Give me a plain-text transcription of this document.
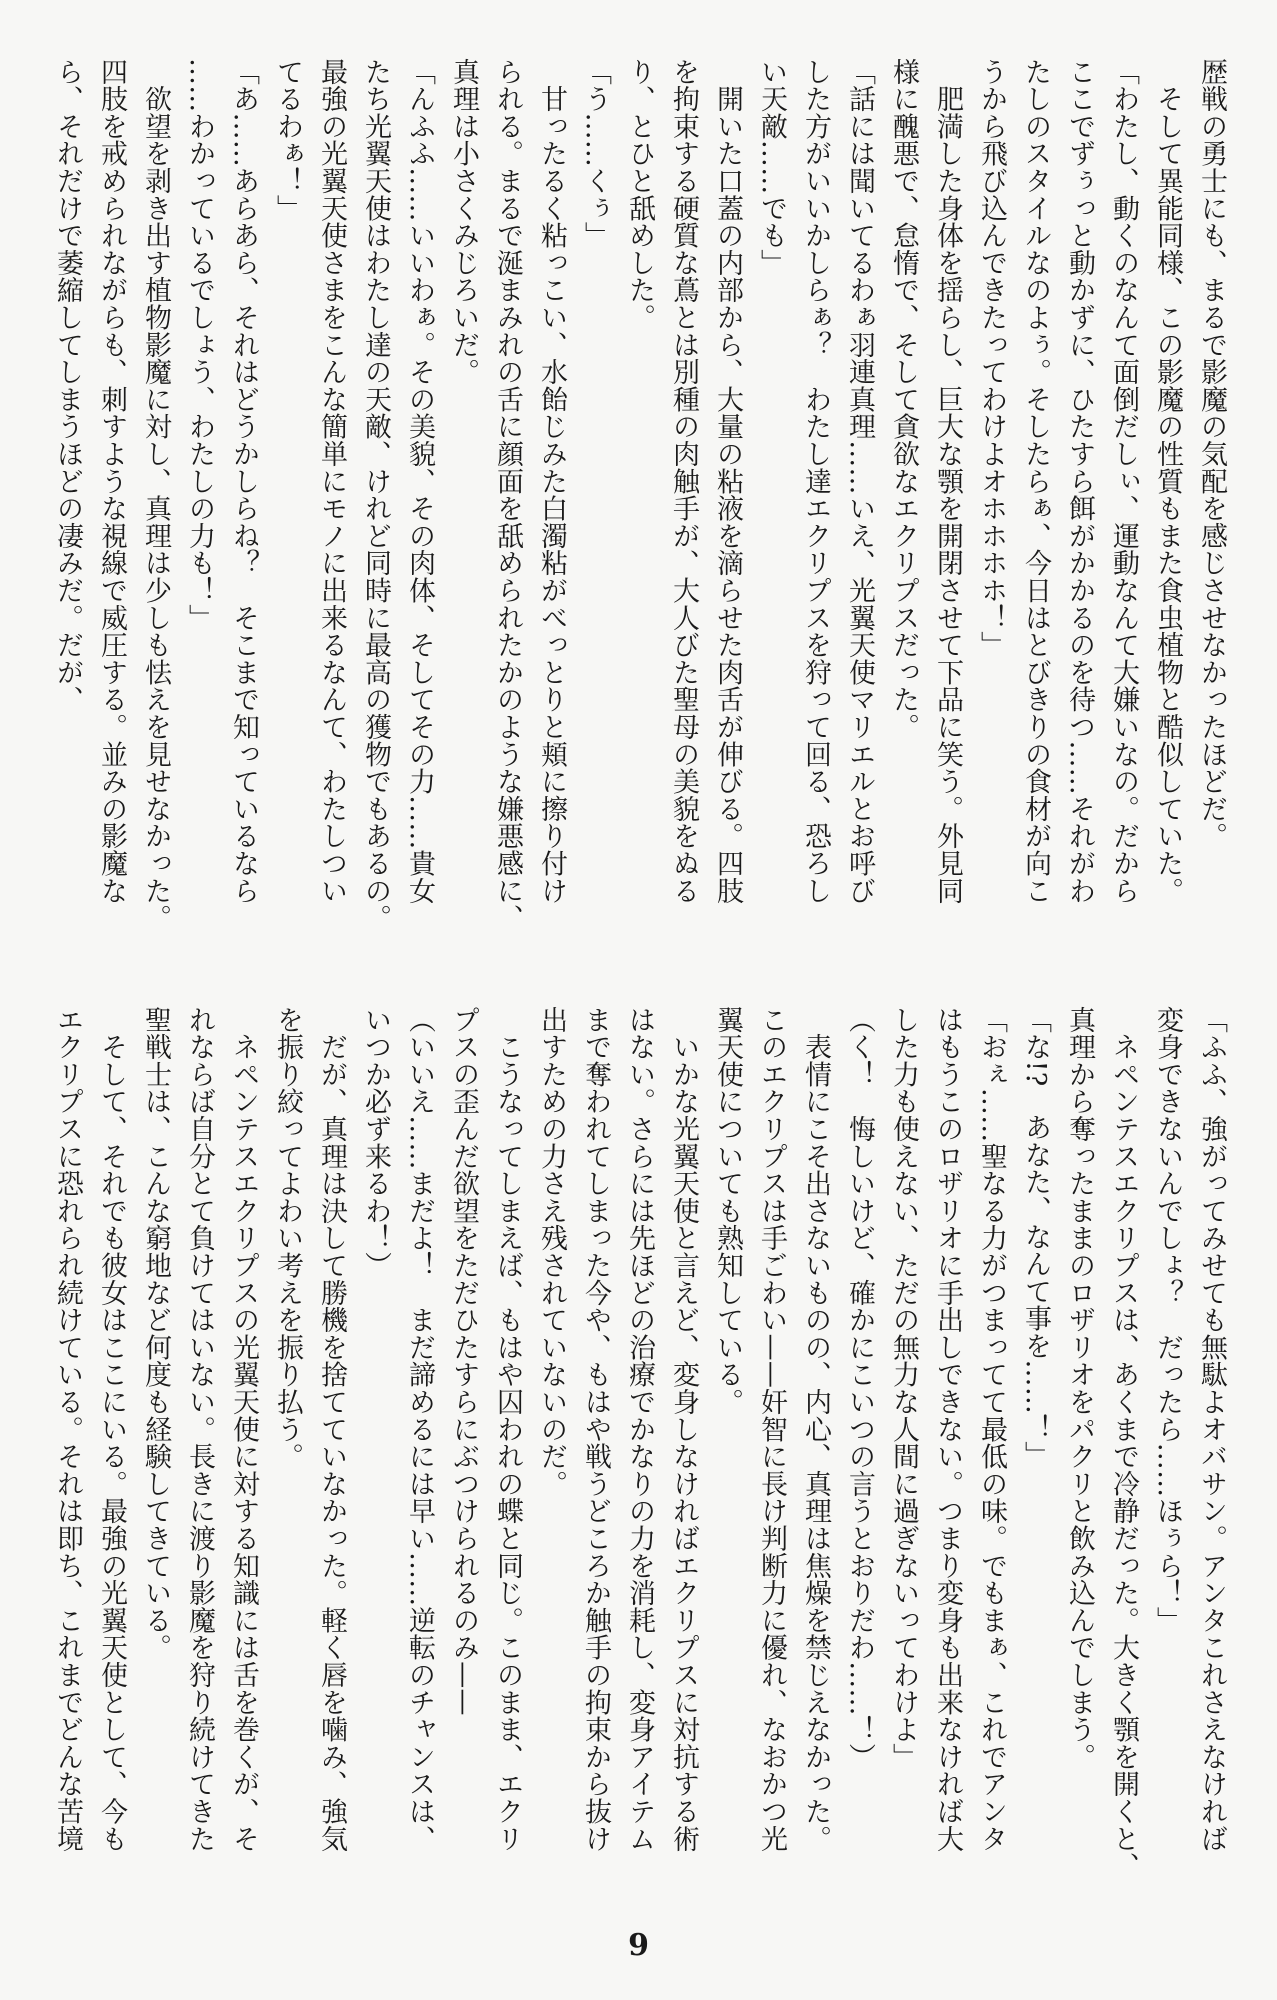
歴戦の勇士にも、まるで影魔の気配を感じさせなかったほどだ。
　そして異能同様、この影魔の性質もまた食虫植物と酷似していた。
「わたし、動くのなんて面倒だしぃ、運動なんて大嫌いなの。だから
ここでずぅっと動かずに、ひたすら餌がかかるのを待つ……それがわ
たしのスタイルなのよぅ。そしたらぁ、今日はとびきりの食材が向こ
うから飛び込んできたってわけよオホホホホ！」
　肥満した身体を揺らし、巨大な顎を開閉させて下品に笑う。外見同
様に醜悪で、怠惰で、そして貪欲なエクリプスだった。
「話には聞いてるわぁ羽連真理……いえ、光翼天使マリエルとお呼び
した方がいいかしらぁ？　わたし達エクリプスを狩って回る、恐ろし
い天敵……でも」
　開いた口蓋の内部から、大量の粘液を滴らせた肉舌が伸びる。四肢
を拘束する硬質な蔦とは別種の肉触手が、大人びた聖母の美貌をぬる
り、とひと舐めした。
「う……くぅ」
　甘ったるく粘っこい、水飴じみた白濁粘がべっとりと頬に擦り付け
られる。まるで涎まみれの舌に顔面を舐められたかのような嫌悪感に、
真理は小さくみじろいだ。
「んふふ……いいわぁ。その美貌、その肉体、そしてその力……貴女
たち光翼天使はわたし達の天敵、けれど同時に最高の獲物でもあるの。
最強の光翼天使さまをこんな簡単にモノに出来るなんて、わたしつい
てるわぁ！」
「あ……あらあら、それはどうかしらね？　そこまで知っているなら
……わかっているでしょう、わたしの力も！」
　欲望を剥き出す植物影魔に対し、真理は少しも怯えを見せなかった。
四肢を戒められながらも、刺すような視線で威圧する。並みの影魔な
ら、それだけで萎縮してしまうほどの凄みだ。だが、
「ふふ、強がってみせても無駄よオバサン。アンタこれさえなければ
変身できないんでしょ？　だったら……ほぅら！」
　ネペンテスエクリプスは、あくまで冷静だった。大きく顎を開くと、
真理から奪ったままのロザリオをパクリと飲み込んでしまう。
「な!?　あなた、なんて事を……！」
「おぇ……聖なる力がつまってて最低の味。でもまぁ、これでアンタ
はもうこのロザリオに手出しできない。つまり変身も出来なければ大
した力も使えない、ただの無力な人間に過ぎないってわけよ」
（く！　悔しいけど、確かにこいつの言うとおりだわ……！）
　表情にこそ出さないものの、内心、真理は焦燥を禁じえなかった。
このエクリプスは手ごわい——奸智に長け判断力に優れ、なおかつ光
翼天使についても熟知している。
　いかな光翼天使と言えど、変身しなければエクリプスに対抗する術
はない。さらには先ほどの治療でかなりの力を消耗し、変身アイテム
まで奪われてしまった今や、もはや戦うどころか触手の拘束から抜け
出すための力さえ残されていないのだ。
　こうなってしまえば、もはや囚われの蝶と同じ。このまま、エクリ
プスの歪んだ欲望をただひたすらにぶつけられるのみ——
（いいえ……まだよ！　まだ諦めるには早い……逆転のチャンスは、
いつか必ず来るわ！）
　だが、真理は決して勝機を捨てていなかった。軽く唇を噛み、強気
を振り絞ってよわい考えを振り払う。
　ネペンテスエクリプスの光翼天使に対する知識には舌を巻くが、そ
れならば自分とて負けてはいない。長きに渡り影魔を狩り続けてきた
聖戦士は、こんな窮地など何度も経験してきている。
　そして、それでも彼女はここにいる。最強の光翼天使として、今も
エクリプスに恐れられ続けている。それは即ち、これまでどんな苦境
9
